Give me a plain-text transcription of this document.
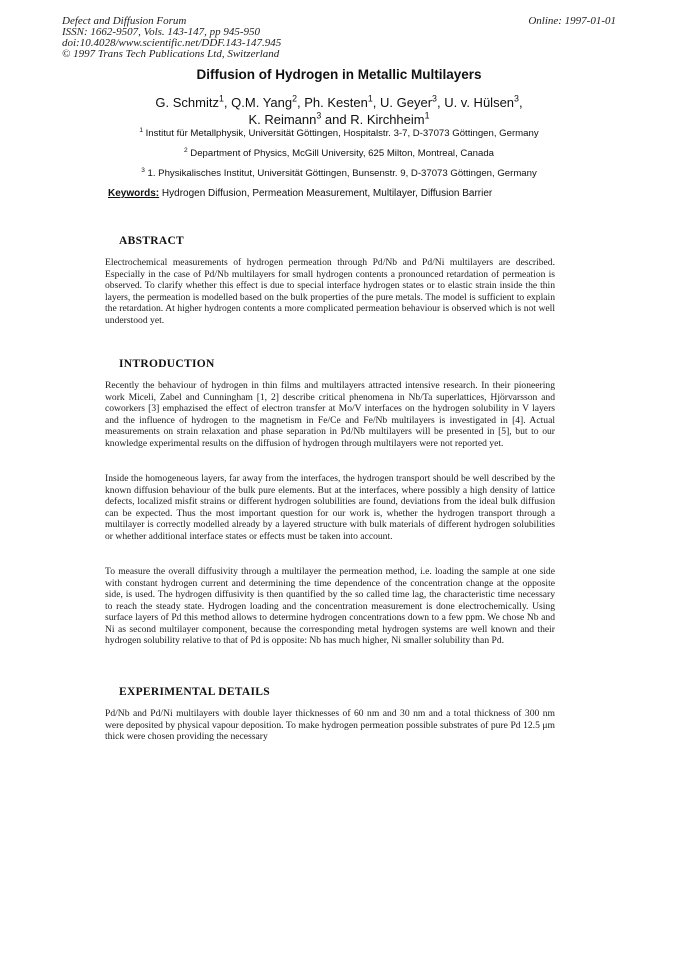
Defect and Diffusion Forum
ISSN: 1662-9507, Vols. 143-147, pp 945-950
doi:10.4028/www.scientific.net/DDF.143-147.945
© 1997 Trans Tech Publications Ltd, Switzerland
Online: 1997-01-01
Diffusion of Hydrogen in Metallic Multilayers
G. Schmitz$^1$, Q.M. Yang$^2$, Ph. Kesten$^1$, U. Geyer$^3$, U. v. Hülsen$^3$,
K. Reimann$^3$ and R. Kirchheim$^1$
$^1$ Institut für Metallphysik, Universität Göttingen, Hospitalstr. 3-7, D-37073 Göttingen, Germany
$^2$ Department of Physics, McGill University, 625 Milton, Montreal, Canada
$^3$ 1. Physikalisches Institut, Universität Göttingen, Bunsenstr. 9, D-37073 Göttingen, Germany
Keywords: Hydrogen Diffusion, Permeation Measurement, Multilayer, Diffusion Barrier
ABSTRACT

Electrochemical measurements of hydrogen permeation through Pd/Nb and Pd/Ni multilayers are described. Especially in the case of Pd/Nb multilayers for small hydrogen contents a pronounced retardation of permeation is observed. To clarify whether this effect is due to special interface hydrogen states or to elastic strain inside the thin layers, the permeation is modelled based on the bulk properties of the pure metals. The model is sufficient to explain the retardation. At higher hydrogen contents a more complicated permeation behaviour is observed which is not well understood yet.

INTRODUCTION

Recently the behaviour of hydrogen in thin films and multilayers attracted intensive research. In their pioneering work Miceli, Zabel and Cunningham [1, 2] describe critical phenomena in Nb/Ta superlattices, Hjörvarsson and coworkers [3] emphazised the effect of electron transfer at Mo/V interfaces on the hydrogen solubility in V layers and the influence of hydrogen to the magnetism in Fe/Ce and Fe/Nb multilayers is investigated in [4]. Actual measurements on strain relaxation and phase separation in Pd/Nb multilayers will be presented in [5], but to our knowledge experimental results on the diffusion of hydrogen through multilayers were not reported yet.

Inside the homogeneous layers, far away from the interfaces, the hydrogen transport should be well described by the known diffusion behaviour of the bulk pure elements. But at the interfaces, where possibly a high density of lattice defects, localized misfit strains or different hydrogen solubilities are found, deviations from the ideal bulk diffusion can be expected. Thus the most important question for our work is, whether the hydrogen transport through a multilayer is correctly modelled already by a layered structure with bulk materials of different hydrogen solubilities or whether additional interface states or effects must be taken into account.

To measure the overall diffusivity through a multilayer the permeation method, i.e. loading the sample at one side with constant hydrogen current and determining the time dependence of the concentration change at the opposite side, is used. The hydrogen diffusivity is then quantified by the so called time lag, the characteristic time necessary to reach the steady state. Hydrogen loading and the concentration measurement is done electrochemically. Using surface layers of Pd this method allows to determine hydrogen concentrations down to a few ppm. We chose Nb and Ni as second multilayer component, because the corresponding metal hydrogen systems are well known and their hydrogen solubility relative to that of Pd is opposite: Nb has much higher, Ni smaller solubility than Pd.

EXPERIMENTAL DETAILS

Pd/Nb and Pd/Ni multilayers with double layer thicknesses of 60 nm and 30 nm and a total thickness of 300 nm were deposited by physical vapour deposition. To make hydrogen permeation possible substrates of pure Pd 12.5 μm thick were chosen providing the necessary
